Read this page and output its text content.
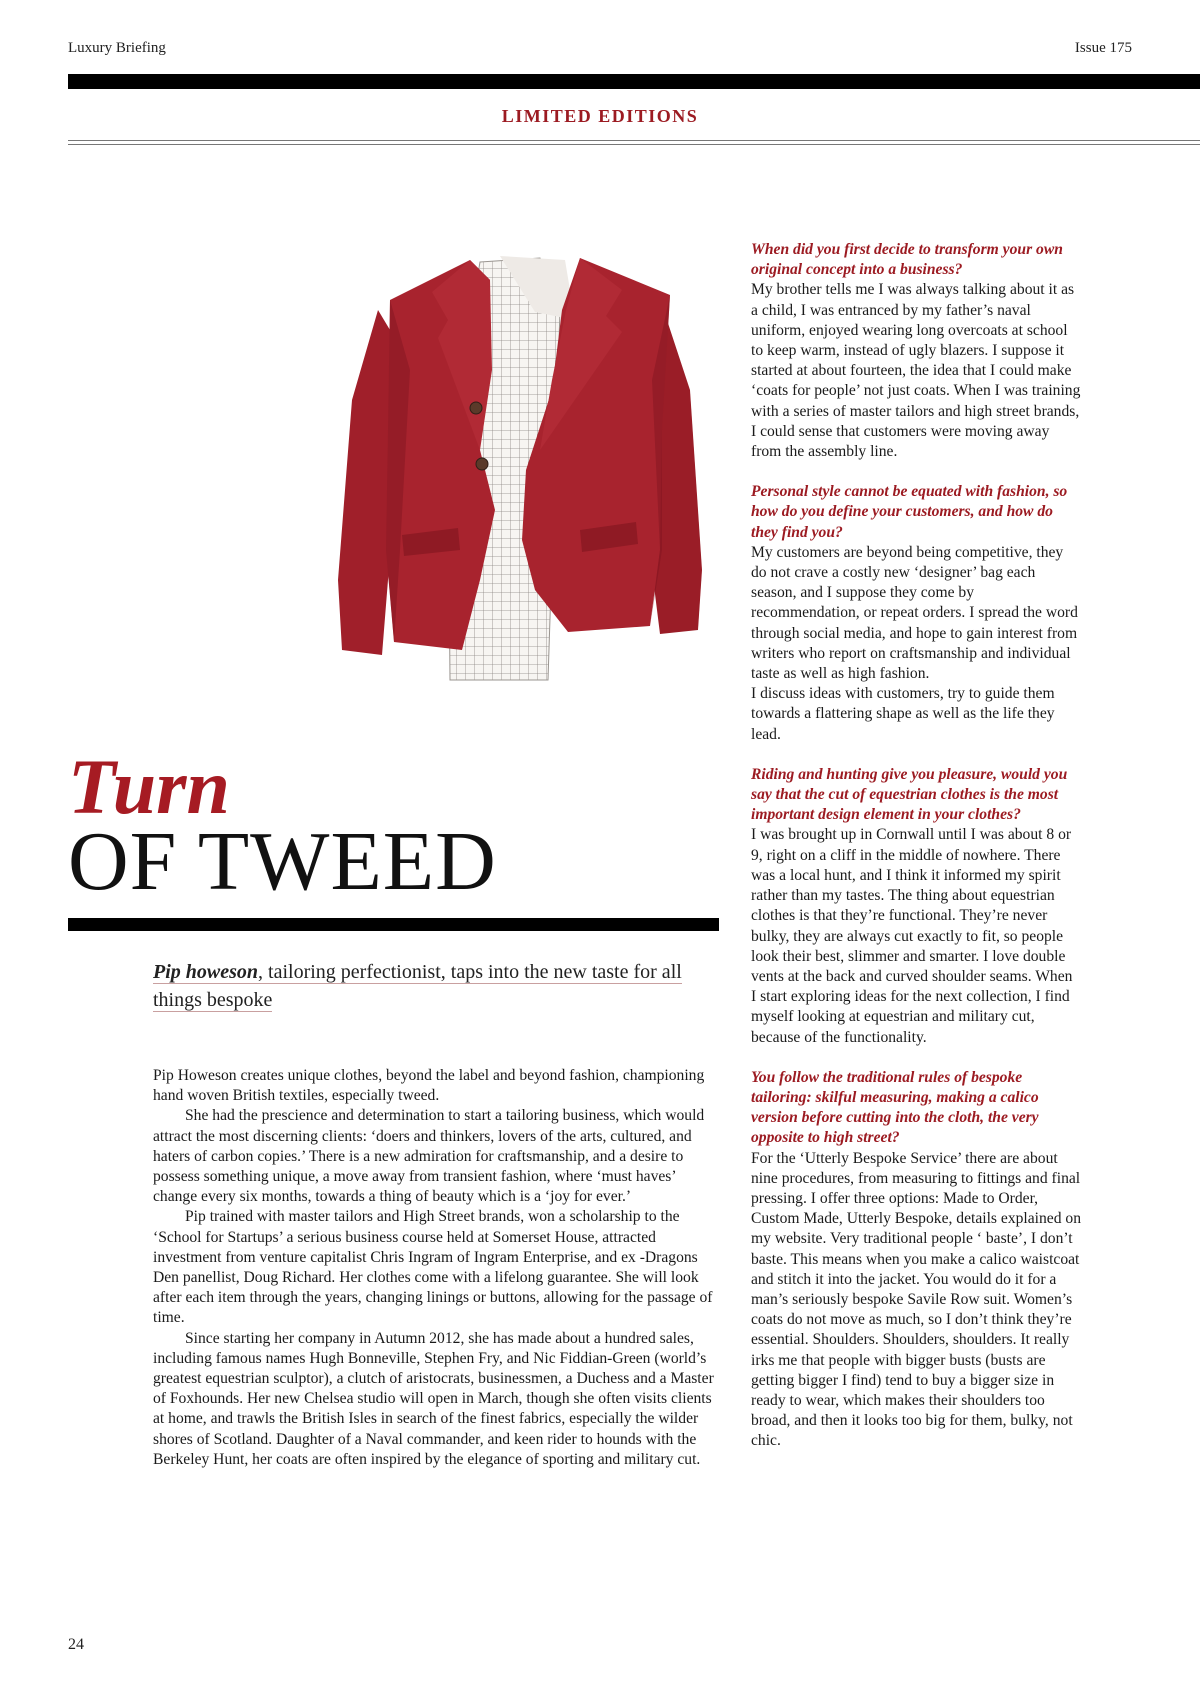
Luxury Briefing	Issue 175
LIMITED EDITIONS
Turn
OF TWEED
Pip howeson, tailoring perfectionist, taps into the new taste for all things bespoke

Pip Howeson creates unique clothes, beyond the label and beyond fashion, championing hand woven British textiles, especially tweed.

She had the prescience and determination to start a tailoring business, which would attract the most discerning clients: ‘doers and thinkers, lovers of the arts, cultured, and haters of carbon copies.’ There is a new admiration for craftsmanship, and a desire to possess something unique, a move away from transient fashion, where ‘must haves’ change every six months, towards a thing of beauty which is a ‘joy for ever.’

Pip trained with master tailors and High Street brands, won a scholarship to the ‘School for Startups’ a serious business course held at Somerset House, attracted investment from venture capitalist Chris Ingram of Ingram Enterprise, and ex -Dragons Den panellist, Doug Richard. Her clothes come with a lifelong guarantee. She will look after each item through the years, changing linings or buttons, allowing for the passage of time.

Since starting her company in Autumn 2012, she has made about a hundred sales, including famous names Hugh Bonneville, Stephen Fry, and Nic Fiddian-Green (world’s greatest equestrian sculptor), a clutch of aristocrats, businessmen, a Duchess and a Master of Foxhounds. Her new Chelsea studio will open in March, though she often visits clients at home, and trawls the British Isles in search of the finest fabrics, especially the wilder shores of Scotland. Daughter of a Naval commander, and keen rider to hounds with the Berkeley Hunt, her coats are often inspired by the elegance of sporting and military cut.

When did you first decide to transform your own original concept into a business?

My brother tells me I was always talking about it as a child, I was entranced by my father’s naval uniform, enjoyed wearing long overcoats at school to keep warm, instead of ugly blazers. I suppose it started at about fourteen, the idea that I could make ‘coats for people’ not just coats. When I was training with a series of master tailors and high street brands, I could sense that customers were moving away from the assembly line.

Personal style cannot be equated with fashion, so how do you define your customers, and how do they find you?

My customers are beyond being competitive, they do not crave a costly new ‘designer’ bag each season, and I suppose they come by recommendation, or repeat orders. I spread the word through social media, and hope to gain interest from writers who report on craftsmanship and individual taste as well as high fashion.

I discuss ideas with customers, try to guide them towards a flattering shape as well as the life they lead.

Riding and hunting give you pleasure, would you say that the cut of equestrian clothes is the most important design element in your clothes?

I was brought up in Cornwall until I was about 8 or 9, right on a cliff in the middle of nowhere. There was a local hunt, and I think it informed my spirit rather than my tastes. The thing about equestrian clothes is that they’re functional. They’re never bulky, they are always cut exactly to fit, so people look their best, slimmer and smarter. I love double vents at the back and curved shoulder seams. When I start exploring ideas for the next collection, I find myself looking at equestrian and military cut, because of the functionality.

You follow the traditional rules of bespoke tailoring: skilful measuring, making a calico version before cutting into the cloth, the very opposite to high street?

For the ‘Utterly Bespoke Service’ there are about nine procedures, from measuring to fittings and final pressing. I offer three options: Made to Order, Custom Made, Utterly Bespoke, details explained on my website. Very traditional people ‘ baste’, I don’t baste. This means when you make a calico waistcoat and stitch it into the jacket. You would do it for a man’s seriously bespoke Savile Row suit. Women’s coats do not move as much, so I don’t think they’re essential. Shoulders. Shoulders, shoulders. It really irks me that people with bigger busts (busts are getting bigger I find) tend to buy a bigger size in ready to wear, which makes their shoulders too broad, and then it looks too big for them, bulky, not chic.

24
